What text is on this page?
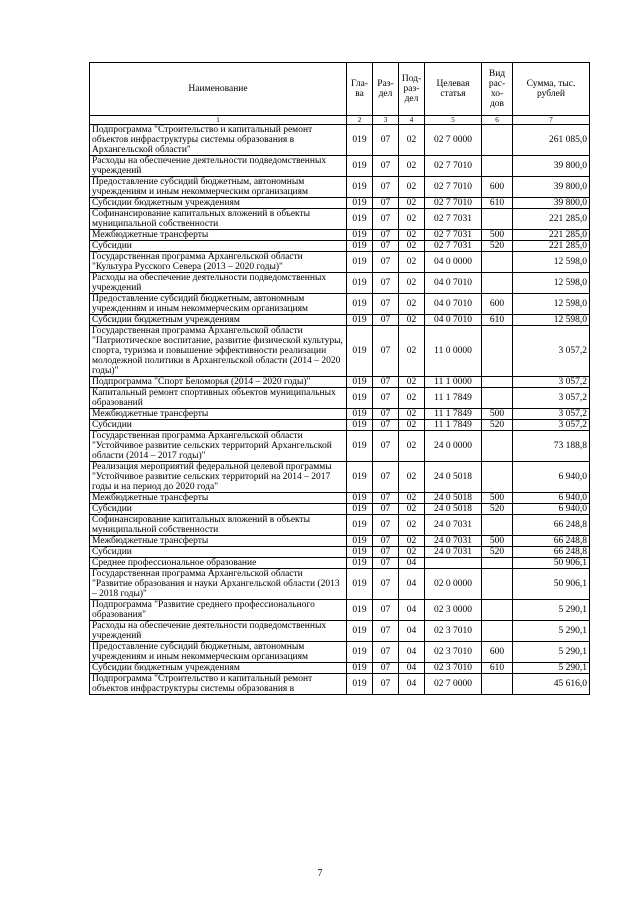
Наименование	Гла-ва	Раз-дел	Под-раз-дел	Целевая статья	Вид рас-хо-дов	Сумма, тыс. рублей
1	2	3	4	5	6	7
Подпрограмма "Строительство и капитальный ремонт объектов инфраструктуры системы образования в Архангельской области"	019	07	02	02 7 0000		261 085,0
Расходы на обеспечение деятельности подведомственных учреждений	019	07	02	02 7 7010		39 800,0
Предоставление субсидий бюджетным, автономным учреждениям и иным некоммерческим организациям	019	07	02	02 7 7010	600	39 800,0
Субсидии бюджетным учреждениям	019	07	02	02 7 7010	610	39 800,0
Софинансирование капитальных вложений в объекты муниципальной собственности	019	07	02	02 7 7031		221 285,0
Межбюджетные трансферты	019	07	02	02 7 7031	500	221 285,0
Субсидии	019	07	02	02 7 7031	520	221 285,0
Государственная программа Архангельской области "Культура Русского Севера (2013 – 2020 годы)"	019	07	02	04 0 0000		12 598,0
Расходы на обеспечение деятельности подведомственных учреждений	019	07	02	04 0 7010		12 598,0
Предоставление субсидий бюджетным, автономным учреждениям и иным некоммерческим организациям	019	07	02	04 0 7010	600	12 598,0
Субсидии бюджетным учреждениям	019	07	02	04 0 7010	610	12 598,0
Государственная программа Архангельской области "Патриотическое воспитание, развитие физической культуры, спорта, туризма и повышение эффективности реализации молодежной политики в Архангельской области (2014 – 2020 годы)"	019	07	02	11 0 0000		3 057,2
Подпрограмма "Спорт Беломорья (2014 – 2020 годы)"	019	07	02	11 1 0000		3 057,2
Капитальный ремонт спортивных объектов муниципальных образований	019	07	02	11 1 7849		3 057,2
Межбюджетные трансферты	019	07	02	11 1 7849	500	3 057,2
Субсидии	019	07	02	11 1 7849	520	3 057,2
Государственная программа Архангельской области "Устойчивое развитие сельских территорий Архангельской области (2014 – 2017 годы)"	019	07	02	24 0 0000		73 188,8
Реализация мероприятий федеральной целевой программы "Устойчивое развитие сельских территорий на 2014 – 2017 годы и на период до 2020 года"	019	07	02	24 0 5018		6 940,0
Межбюджетные трансферты	019	07	02	24 0 5018	500	6 940,0
Субсидии	019	07	02	24 0 5018	520	6 940,0
Софинансирование капитальных вложений в объекты муниципальной собственности	019	07	02	24 0 7031		66 248,8
Межбюджетные трансферты	019	07	02	24 0 7031	500	66 248,8
Субсидии	019	07	02	24 0 7031	520	66 248,8
Среднее профессиональное образование	019	07	04			50 906,1
Государственная программа Архангельской области "Развитие образования и науки Архангельской области (2013 – 2018 годы)"	019	07	04	02 0 0000		50 906,1
Подпрограмма "Развитие среднего профессионального образования"	019	07	04	02 3 0000		5 290,1
Расходы на обеспечение деятельности подведомственных учреждений	019	07	04	02 3 7010		5 290,1
Предоставление субсидий бюджетным, автономным учреждениям и иным некоммерческим организациям	019	07	04	02 3 7010	600	5 290,1
Субсидии бюджетным учреждениям	019	07	04	02 3 7010	610	5 290,1
Подпрограмма "Строительство и капитальный ремонт объектов инфраструктуры системы образования в	019	07	04	02 7 0000		45 616,0
7
